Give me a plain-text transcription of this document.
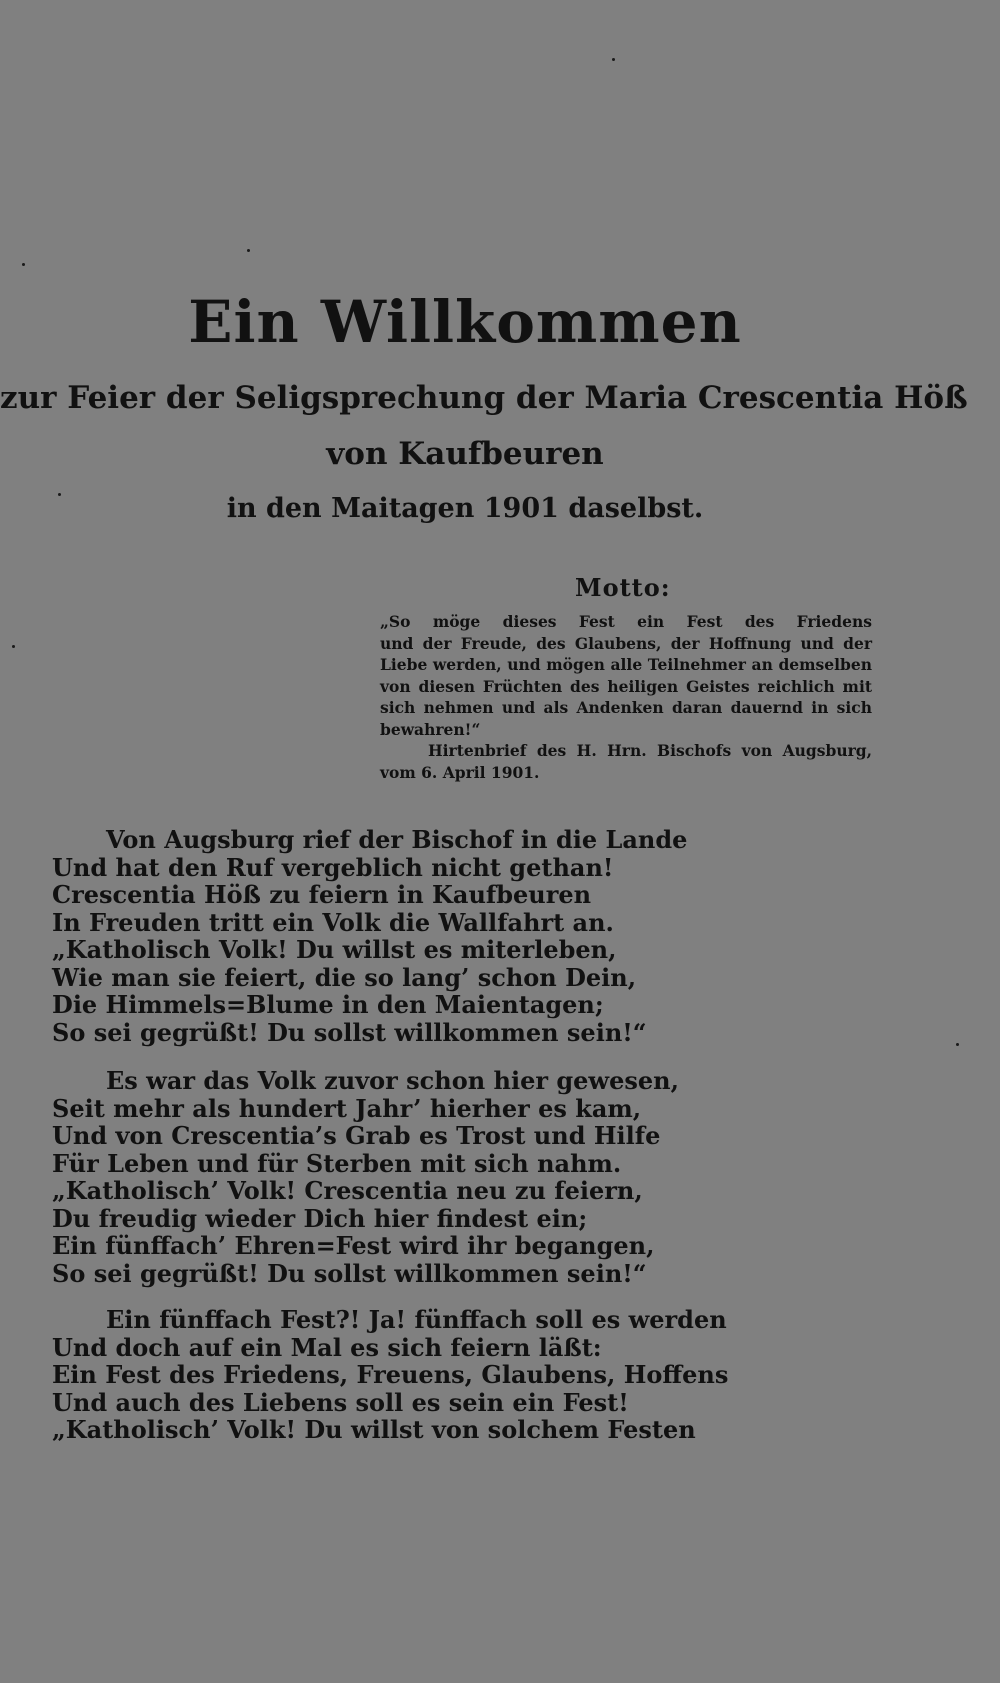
Ein Willkommen
zur Feier der Seligsprechung der Maria Crescentia Höß
von Kaufbeuren
in den Maitagen 1901 daselbst.
Motto:
„So möge dieses Fest ein Fest des Friedens
und der Freude, des Glaubens, der Hoffnung und der
Liebe werden, und mögen alle Teilnehmer an demselben
von diesen Früchten des heiligen Geistes reichlich mit
sich nehmen und als Andenken daran dauernd in sich
bewahren!“
Hirtenbrief des H. Hrn. Bischofs von Augsburg,
vom 6. April 1901.
Von Augsburg rief der Bischof in die Lande
Und hat den Ruf vergeblich nicht gethan!
Crescentia Höß zu feiern in Kaufbeuren
In Freuden tritt ein Volk die Wallfahrt an.
„Katholisch Volk! Du willst es miterleben,
Wie man sie feiert, die so lang’ schon Dein,
Die Himmels=Blume in den Maientagen;
So sei gegrüßt! Du sollst willkommen sein!“
Es war das Volk zuvor schon hier gewesen,
Seit mehr als hundert Jahr’ hierher es kam,
Und von Crescentia’s Grab es Trost und Hilfe
Für Leben und für Sterben mit sich nahm.
„Katholisch’ Volk! Crescentia neu zu feiern,
Du freudig wieder Dich hier findest ein;
Ein fünffach’ Ehren=Fest wird ihr begangen,
So sei gegrüßt! Du sollst willkommen sein!“
Ein fünffach Fest?! Ja! fünffach soll es werden
Und doch auf ein Mal es sich feiern läßt:
Ein Fest des Friedens, Freuens, Glaubens, Hoffens
Und auch des Liebens soll es sein ein Fest!
„Katholisch’ Volk! Du willst von solchem Festen
